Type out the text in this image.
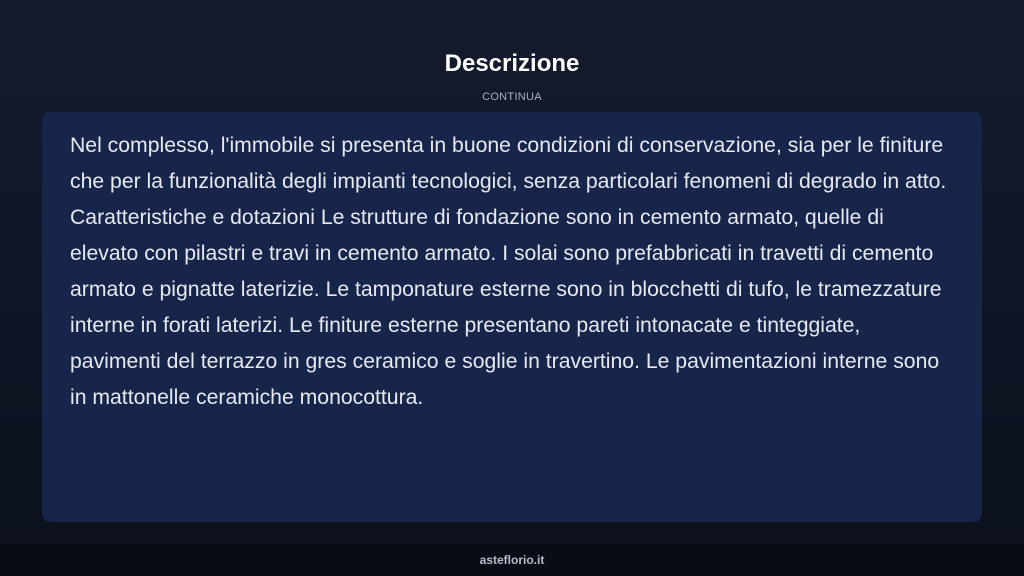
Descrizione
CONTINUA

Nel complesso, l'immobile si presenta in buone condizioni di conservazione, sia per le finiture che per la funzionalità degli impianti tecnologici, senza particolari fenomeni di degrado in atto. Caratteristiche e dotazioni Le strutture di fondazione sono in cemento armato, quelle di elevato con pilastri e travi in cemento armato. I solai sono prefabbricati in travetti di cemento armato e pignatte laterizie. Le tamponature esterne sono in blocchetti di tufo, le tramezzature interne in forati laterizi. Le finiture esterne presentano pareti intonacate e tinteggiate, pavimenti del terrazzo in gres ceramico e soglie in travertino. Le pavimentazioni interne sono in mattonelle ceramiche monocottura.

asteflorio.it
